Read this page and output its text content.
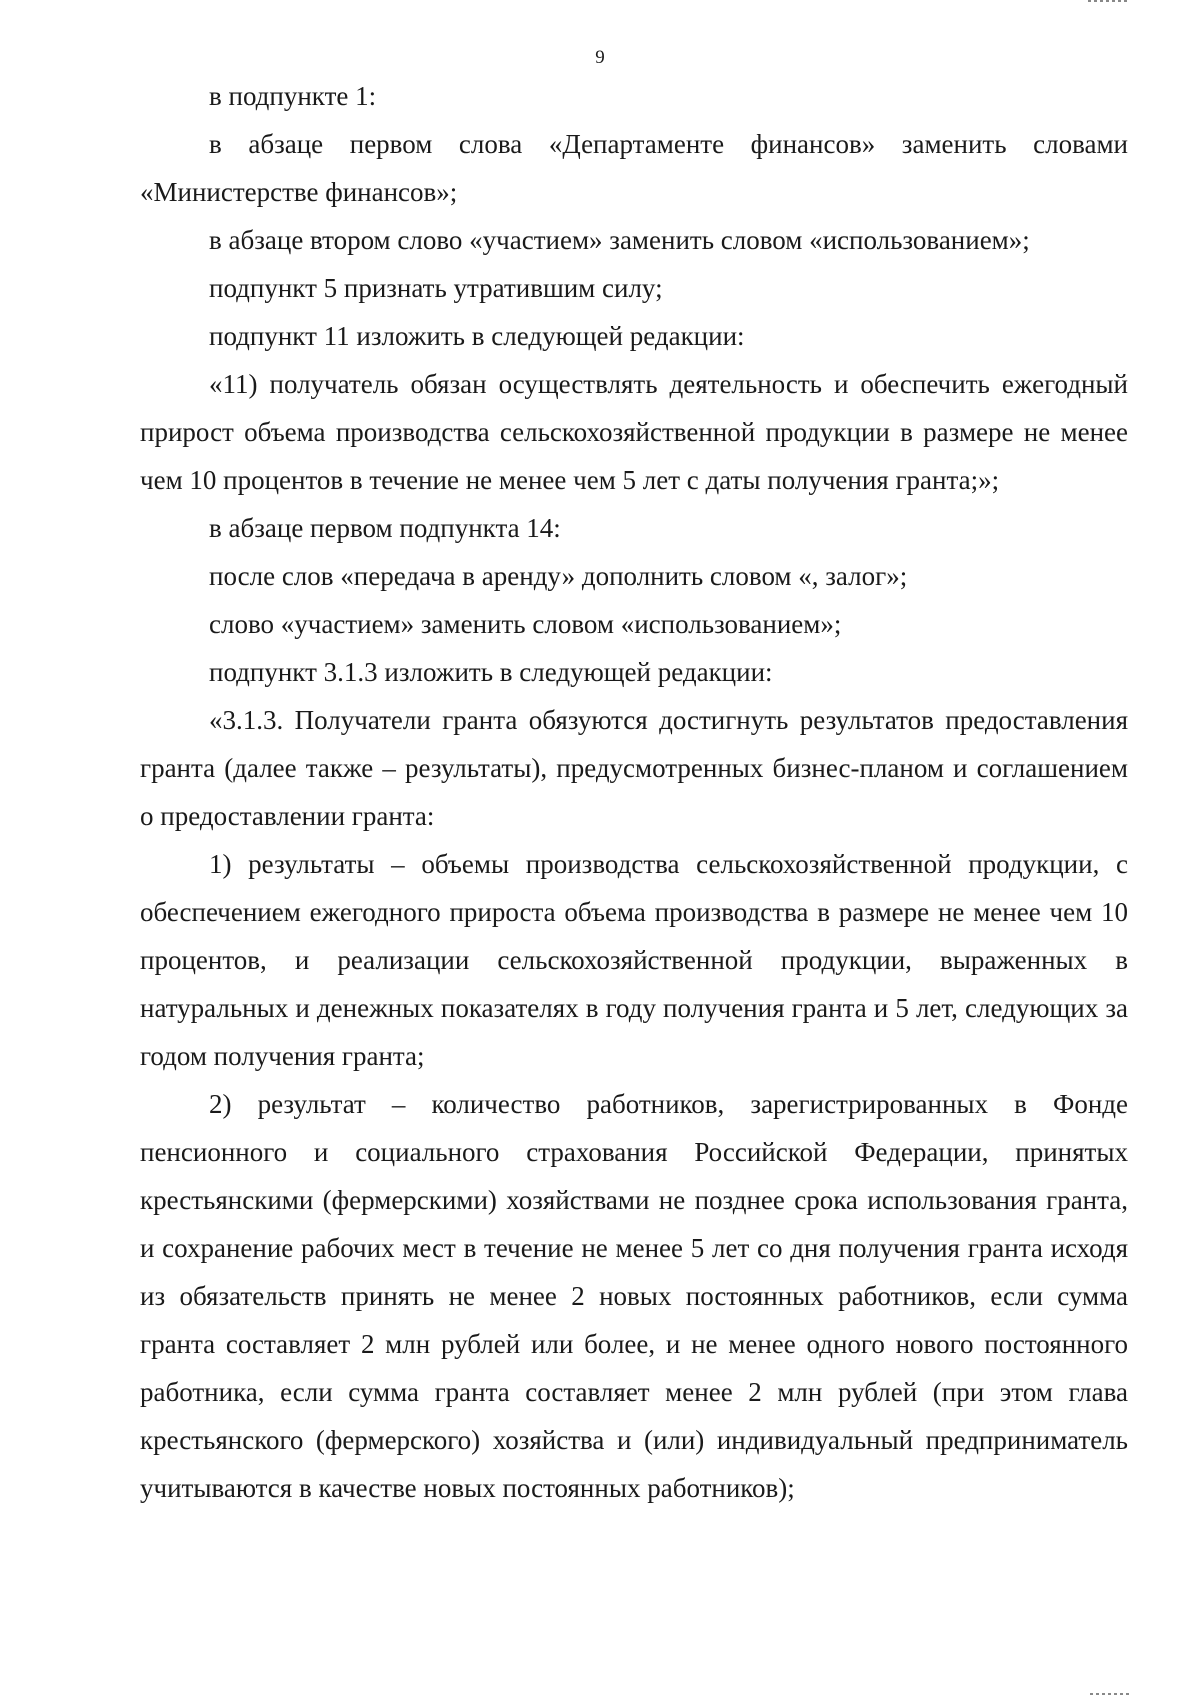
9

в подпункте 1:

в абзаце первом слова «Департаменте финансов» заменить словами «Министерстве финансов»;

в абзаце втором слово «участием» заменить словом «использованием»;

подпункт 5 признать утратившим силу;

подпункт 11 изложить в следующей редакции:

«11) получатель обязан осуществлять деятельность и обеспечить ежегодный прирост объема производства сельскохозяйственной продукции в размере не менее чем 10 процентов в течение не менее чем 5 лет с даты получения гранта;»;

в абзаце первом подпункта 14:

после слов «передача в аренду» дополнить словом «, залог»;

слово «участием» заменить словом «использованием»;

подпункт 3.1.3 изложить в следующей редакции:

«3.1.3. Получатели гранта обязуются достигнуть результатов предоставления гранта (далее также – результаты), предусмотренных бизнес-планом и соглашением о предоставлении гранта:

1) результаты – объемы производства сельскохозяйственной продукции, с обеспечением ежегодного прироста объема производства в размере не менее чем 10 процентов, и реализации сельскохозяйственной продукции, выраженных в натуральных и денежных показателях в году получения гранта и 5 лет, следующих за годом получения гранта;

2) результат – количество работников, зарегистрированных в Фонде пенсионного и социального страхования Российской Федерации, принятых крестьянскими (фермерскими) хозяйствами не позднее срока использования гранта, и сохранение рабочих мест в течение не менее 5 лет со дня получения гранта исходя из обязательств принять не менее 2 новых постоянных работников, если сумма гранта составляет 2 млн рублей или более, и не менее одного нового постоянного работника, если сумма гранта составляет менее 2 млн рублей (при этом глава крестьянского (фермерского) хозяйства и (или) индивидуальный предприниматель учитываются в качестве новых постоянных работников);
